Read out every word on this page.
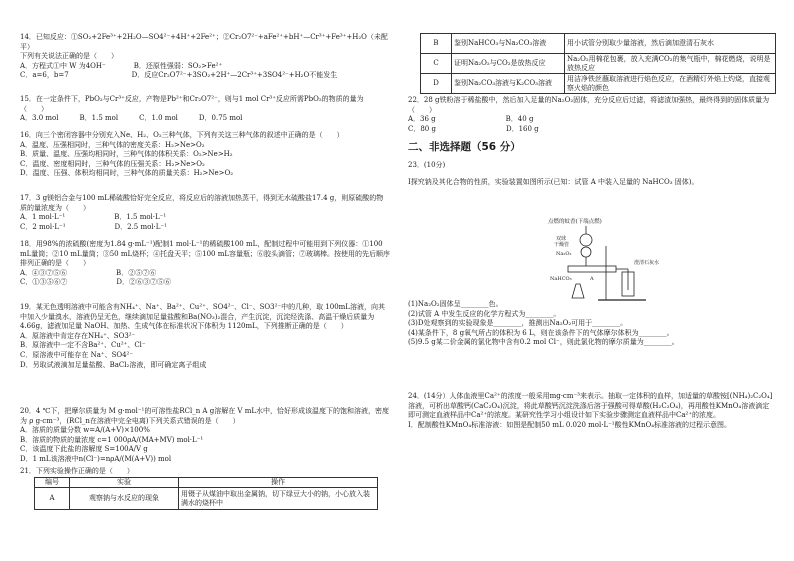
14．已知反应：①SO₂+2Fe³⁺+2H₂O—SO4²⁻+4H⁺+2Fe²⁺；②Cr₂O7²⁻+aFe²⁺+bH⁺—Cr³⁺+Fe³⁺+H₂O（未配平）
下列有关说法正确的是（　　）
A．方程式①中 W 为4OH⁻　　　　B．还原性强弱：SO₂>Fe²⁺
C．a=6，b=7　　　　　　　　　D．反应Cr₂O7²⁻+3SO₂+2H⁺—2Cr³⁺+3SO4²⁻+H₂O不能发生
15．在一定条件下，PbO₂与Cr³⁺反应，产物是Pb²⁺和Cr₂O7²⁻，则与1 mol Cr³⁺反应所需PbO₂的物质的量为（　　）
A．3.0 mol　　　B．1.5 mol　　　C．1.0 mol　　　D．0.75 mol
16．向三个密闭容器中分别充入Ne、H₂、O₂三种气体，下列有关这三种气体的叙述中正确的是（　　）
A．温度、压强相同时，三种气体的密度关系：H₂>Ne>O₂
B．质量、温度、压强均相同时，三种气体的体积关系：O₂>Ne>H₂
C．温度、密度相同时，三种气体的压强关系：H₂>Ne>O₂
D．温度、压强、体积均相同时，三种气体的质量关系：H₂>Ne>O₂
17．3 g镁铝合金与100 mL稀硫酸恰好完全反应，将反应后的溶液加热蒸干，得到无水硫酸盐17.4 g，则原硫酸的物质的量浓度为（　　）
A．1 mol·L⁻¹　　　　　　　B．1.5 mol·L⁻¹
C．2 mol·L⁻¹　　　　　　　D．2.5 mol·L⁻¹
18．用98%的浓硫酸(密度为1.84 g·mL⁻¹)配制1 mol·L⁻¹的稀硫酸100 mL，配制过程中可能用到下列仪器：①100 mL量筒；②10 mL量筒；③50 mL烧杯；④托盘天平；⑤100 mL容量瓶；⑥胶头滴管；⑦玻璃棒。按使用的先后顺序排列正确的是（　　）
A．④③⑦⑤⑥　　　　　　　B．②⑤⑦⑥
C．①③⑤⑥⑦　　　　　　　D．②⑥③⑦⑤⑥
19．某无色透明溶液中可能含有NH₄⁺、Na⁺、Ba²⁺、Cu²⁺、SO4²⁻、Cl⁻、SO3²⁻中的几种，取 100mL溶液，向其中加入少量溴水，溶液仍呈无色，继续滴加足量盐酸和Ba(NO₃)₂混合，产生沉淀，沉淀经洗涤、高温干燥后质量为 4.66g，滤液加足量 NaOH、加热、生成气体在标准状况下体积为 1120mL，下列推断正确的是（　　）
A．原溶液中肯定存在NH₄⁺、SO3²⁻
B．原溶液中一定不含Ba²⁺、Cu²⁺、Cl⁻
C．原溶液中可能存在 Na⁺、SO4²⁻
D．另取试液滴加足量盐酸、BaCl₂溶液，即可确定离子组成
20．4 ℃下，把摩尔质量为 M g·mol⁻¹的可溶性盐RCl_n A g溶解在 V mL水中，恰好形成该温度下的饱和溶液，密度为 ρ g·cm⁻³，(RCl_n在溶液中完全电离)下列关系式错误的是（　　）
A．溶质的质量分数 w=A/(A+V)×100%
B．溶质的物质的量浓度 c=1 000ρA/(MA+MV) mol·L⁻¹
C．该温度下此盐的溶解度 S=100A/V g
D．1 mL该溶液中n(Cl⁻)=nρA/(M(A+V)) mol
21．下列实验操作正确的是（　　）
编号	实验	操作
A	观察钠与水反应的现象	用镊子从煤油中取出金属钠，切下绿豆大小的钠，小心放入装满水的烧杯中
B	鉴别NaHCO₃与Na₂CO₃溶液	用小试管分别取少量溶液，然后滴加澄清石灰水
C	证明Na₂O₂与CO₂是放热反应	Na₂O₂用棉花包裹，放入充满CO₂的集气瓶中，棉花燃烧，说明是放热反应
D	鉴别Na₂CO₃溶液与K₂CO₃溶液	用洁净铁丝蘸取溶液进行焰色反应，在酒精灯外焰上灼烧，直接观察火焰的颜色
22．28 g铁粉溶于稀盐酸中，然后加入足量的Na₂O₂固体，充分反应后过滤，将滤渣加强热，最终得到的固体质量为（　　）
A．36 g　　　　　　　　　　B．40 g
C．80 g　　　　　　　　　　D．160 g
二、非选择题（56 分）
23．(10分)
Ⅰ探究钠及其化合物的性质，实验装置如图所示(已知：试管 A 中装入足量的 NaHCO₃ 固体)。
点燃的蚊香(下端点燃)
双球
干燥管
Na₂O₂
NaHCO₃	A
澄清石灰水
(1)Na₂O₂固体呈________色。
(2)试管 A 中发生反应的化学方程式为________。
(3)D处观察到的实验现象是________，推测出Na₂O₂可用于________。
(4)某条件下，8 g氧气所占的体积为 6 L，则在该条件下的气体摩尔体积为________。
(5)9.5 g某二价金属的氯化物中含有0.2 mol Cl⁻，则此氯化物的摩尔质量为________。
24．(14分）人体血液里Ca²⁺的浓度一般采用mg·cm⁻³来表示。抽取一定体积的血样，加适量的草酸铵[(NH₄)₂C₂O₄]溶液，可析出草酸钙(CaC₂O₄)沉淀，将此草酸钙沉淀洗涤后溶于强酸可得草酸(H₂C₂O₄)，再用酸性KMnO₄溶液滴定即可测定血液样品中Ca²⁺的浓度。某研究性学习小组设计如下实验步骤测定血液样品中Ca²⁺的浓度。
Ⅰ．配制酸性KMnO₄标准溶液：如图是配制50 mL 0.020 mol·L⁻¹酸性KMnO₄标准溶液的过程示意图。
